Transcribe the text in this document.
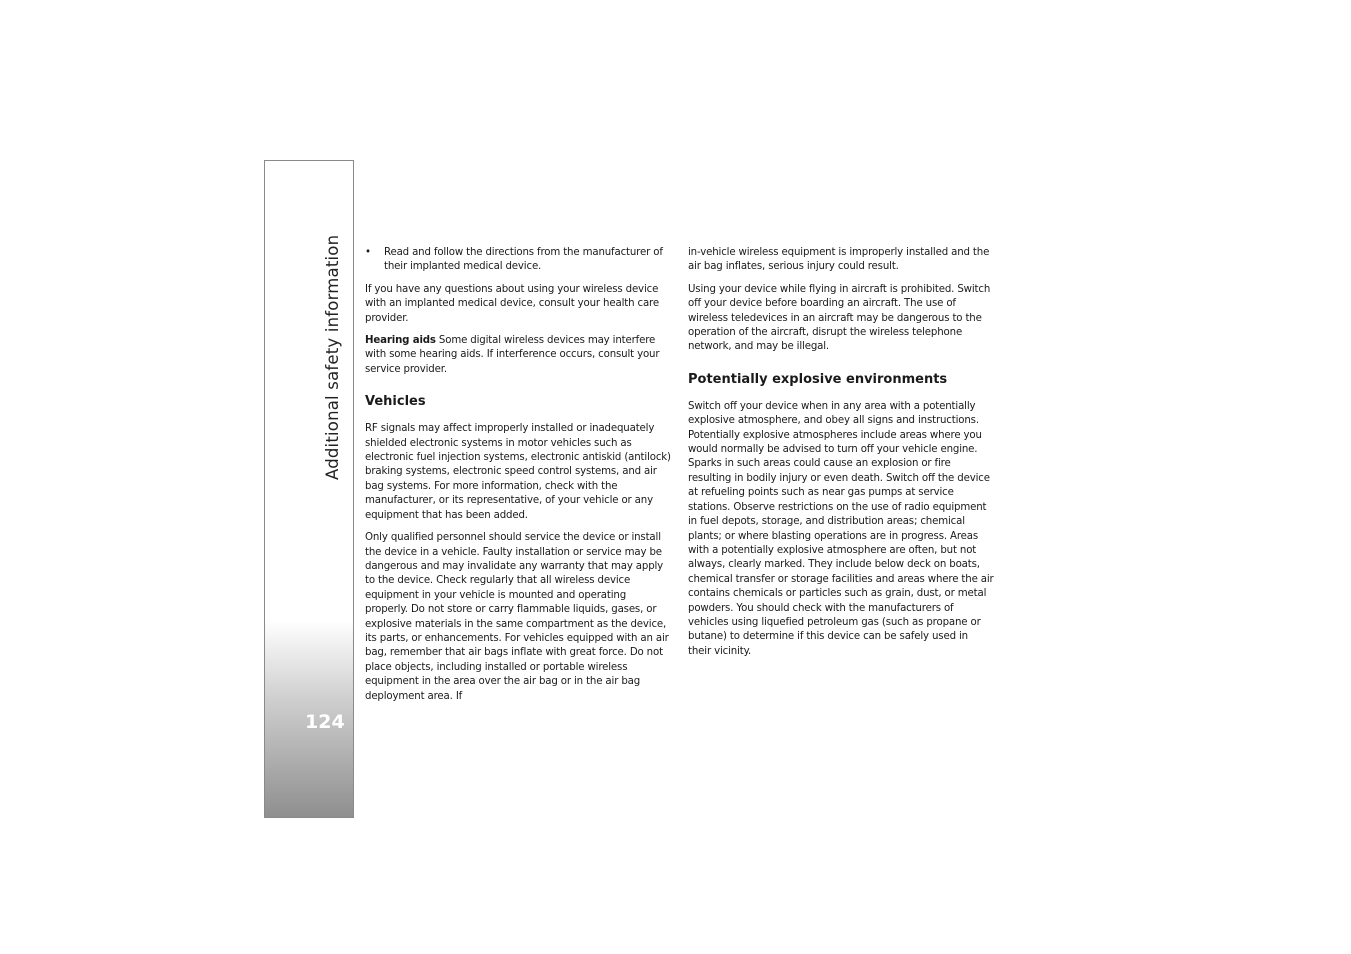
Additional safety information
124
• Read and follow the directions from the manufacturer of their implanted medical device.

If you have any questions about using your wireless device with an implanted medical device, consult your health care provider.

Hearing aids Some digital wireless devices may interfere with some hearing aids. If interference occurs, consult your service provider.

Vehicles

RF signals may affect improperly installed or inadequately shielded electronic systems in motor vehicles such as electronic fuel injection systems, electronic antiskid (antilock) braking systems, electronic speed control systems, and air bag systems. For more information, check with the manufacturer, or its representative, of your vehicle or any equipment that has been added.

Only qualified personnel should service the device or install the device in a vehicle. Faulty installation or service may be dangerous and may invalidate any warranty that may apply to the device. Check regularly that all wireless device equipment in your vehicle is mounted and operating properly. Do not store or carry flammable liquids, gases, or explosive materials in the same compartment as the device, its parts, or enhancements. For vehicles equipped with an air bag, remember that air bags inflate with great force. Do not place objects, including installed or portable wireless equipment in the area over the air bag or in the air bag deployment area. If

in-vehicle wireless equipment is improperly installed and the air bag inflates, serious injury could result.

Using your device while flying in aircraft is prohibited. Switch off your device before boarding an aircraft. The use of wireless teledevices in an aircraft may be dangerous to the operation of the aircraft, disrupt the wireless telephone network, and may be illegal.

Potentially explosive environments

Switch off your device when in any area with a potentially explosive atmosphere, and obey all signs and instructions. Potentially explosive atmospheres include areas where you would normally be advised to turn off your vehicle engine. Sparks in such areas could cause an explosion or fire resulting in bodily injury or even death. Switch off the device at refueling points such as near gas pumps at service stations. Observe restrictions on the use of radio equipment in fuel depots, storage, and distribution areas; chemical plants; or where blasting operations are in progress. Areas with a potentially explosive atmosphere are often, but not always, clearly marked. They include below deck on boats, chemical transfer or storage facilities and areas where the air contains chemicals or particles such as grain, dust, or metal powders. You should check with the manufacturers of vehicles using liquefied petroleum gas (such as propane or butane) to determine if this device can be safely used in their vicinity.
